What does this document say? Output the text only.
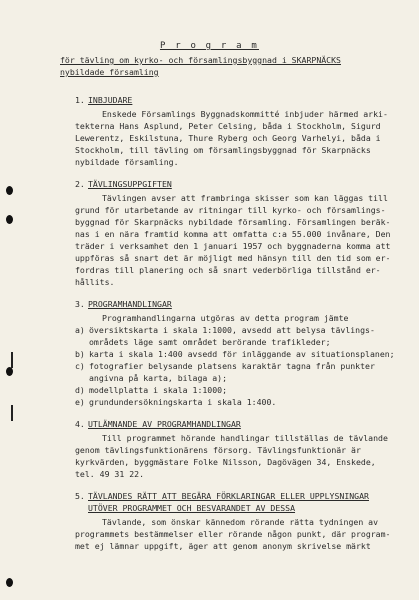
P r o g r a m
för tävling om kyrko- och församlingsbyggnad i SKARPNÄCKS
nybildade församling
1. INBJUDARE
Enskede Församlings Byggnadskommitté inbjuder härmed arki-
tekterna Hans Asplund, Peter Celsing, båda i Stockholm, Sigurd
Lewerentz, Eskilstuna, Thure Ryberg och Georg Varhelyi, båda i
Stockholm, till tävling om församlingsbyggnad för Skarpnäcks
nybildade församling.
2. TÄVLINGSUPPGIFTEN
Tävlingen avser att frambringa skisser som kan läggas till
grund för utarbetande av ritningar till kyrko- och församlings-
byggnad för Skarpnäcks nybildade församling. Församlingen beräk-
nas i en nära framtid komma att omfatta c:a 55.000 invånare, Den
träder i verksamhet den 1 januari 1957 och byggnaderna komma att
uppföras så snart det är möjligt med hänsyn till den tid som er-
fordras till planering och så snart vederbörliga tillstånd er-
hållits.
3. PROGRAMHANDLINGAR
Programhandlingarna utgöras av detta program jämte
a) översiktskarta i skala 1:1000, avsedd att belysa tävlings-
områdets läge samt området berörande trafikleder;
b) karta i skala 1:400 avsedd för inläggande av situationsplanen;
c) fotografier belysande platsens karaktär tagna från punkter
angivna på karta, bilaga a);
d) modellplatta i skala 1:1000;
e) grundundersökningskarta i skala 1:400.
4. UTLÄMNANDE AV PROGRAMHANDLINGAR
Till programmet hörande handlingar tillställas de tävlande
genom tävlingsfunktionärens försorg. Tävlingsfunktionär är
kyrkvärden, byggmästare Folke Nilsson, Dagövägen 34, Enskede,
tel. 49 31 22.
5. TÄVLANDES RÄTT ATT BEGÄRA FÖRKLARINGAR ELLER UPPLYSNINGAR
UTÖVER PROGRAMMET OCH BESVARANDET AV DESSA
Tävlande, som önskar kännedom rörande rätta tydningen av
programmets bestämmelser eller rörande någon punkt, där program-
met ej lämnar uppgift, äger att genom anonym skrivelse märkt
